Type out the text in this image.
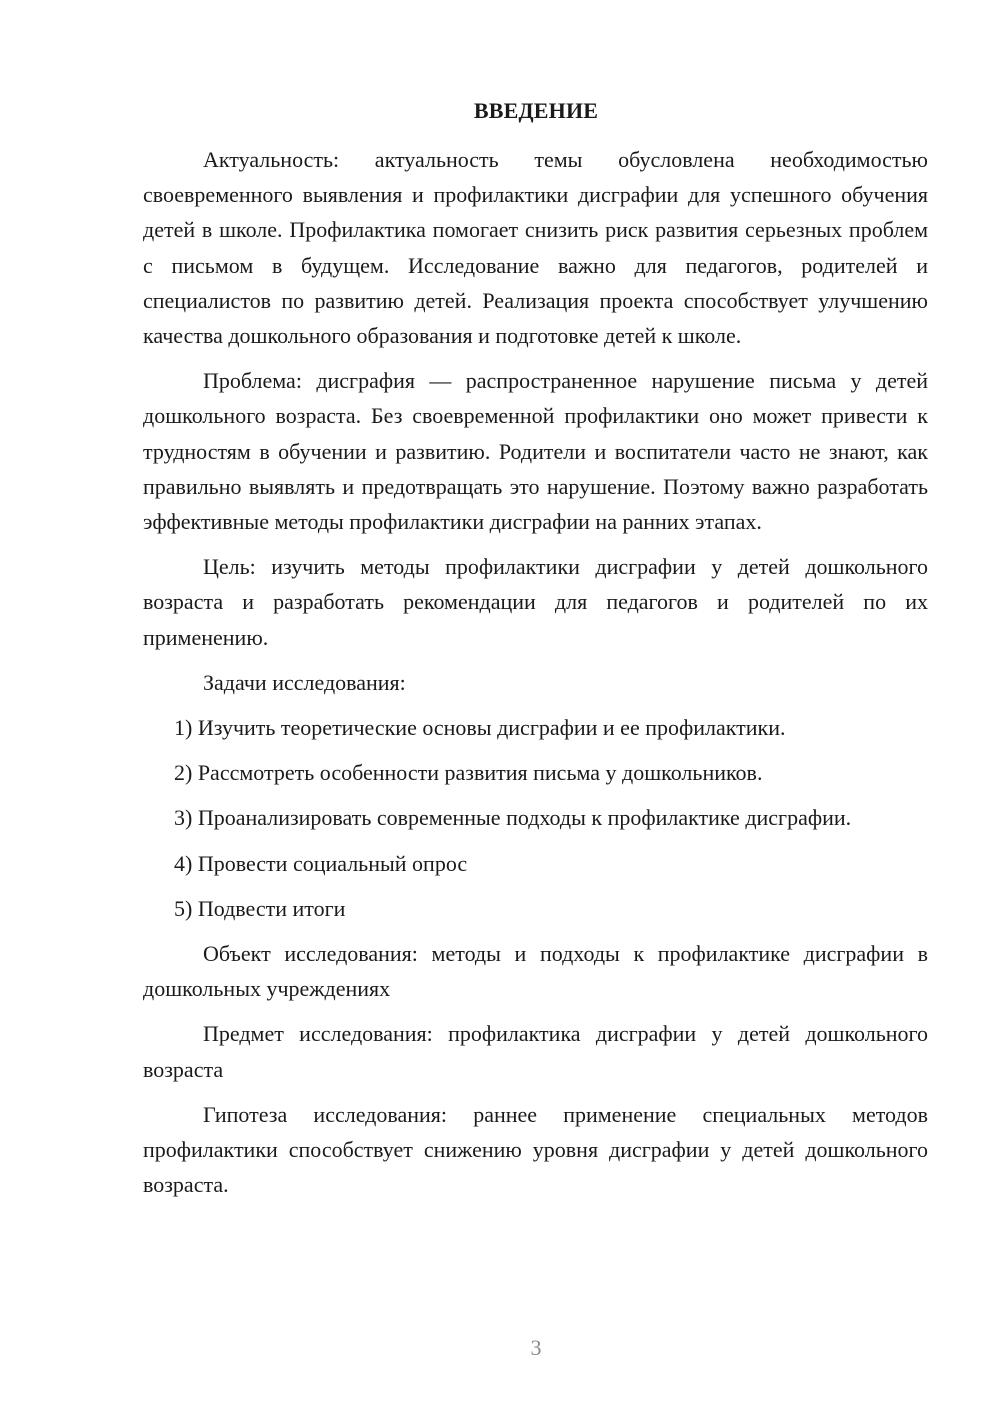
ВВЕДЕНИЕ

Актуальность: актуальность темы обусловлена необходимостью своевременного выявления и профилактики дисграфии для успешного обучения детей в школе. Профилактика помогает снизить риск развития серьезных проблем с письмом в будущем. Исследование важно для педагогов, родителей и специалистов по развитию детей. Реализация проекта способствует улучшению качества дошкольного образования и подготовке детей к школе.

Проблема: дисграфия — распространенное нарушение письма у детей дошкольного возраста. Без своевременной профилактики оно может привести к трудностям в обучении и развитию. Родители и воспитатели часто не знают, как правильно выявлять и предотвращать это нарушение. Поэтому важно разработать эффективные методы профилактики дисграфии на ранних этапах.

Цель: изучить методы профилактики дисграфии у детей дошкольного возраста и разработать рекомендации для педагогов и родителей по их применению.

Задачи исследования:

1) Изучить теоретические основы дисграфии и ее профилактики.

2) Рассмотреть особенности развития письма у дошкольников.

3) Проанализировать современные подходы к профилактике дисграфии.

4) Провести социальный опрос

5) Подвести итоги

Объект исследования: методы и подходы к профилактике дисграфии в дошкольных учреждениях

Предмет исследования: профилактика дисграфии у детей дошкольного возраста

Гипотеза исследования: раннее применение специальных методов профилактики способствует снижению уровня дисграфии у детей дошкольного возраста.

3
